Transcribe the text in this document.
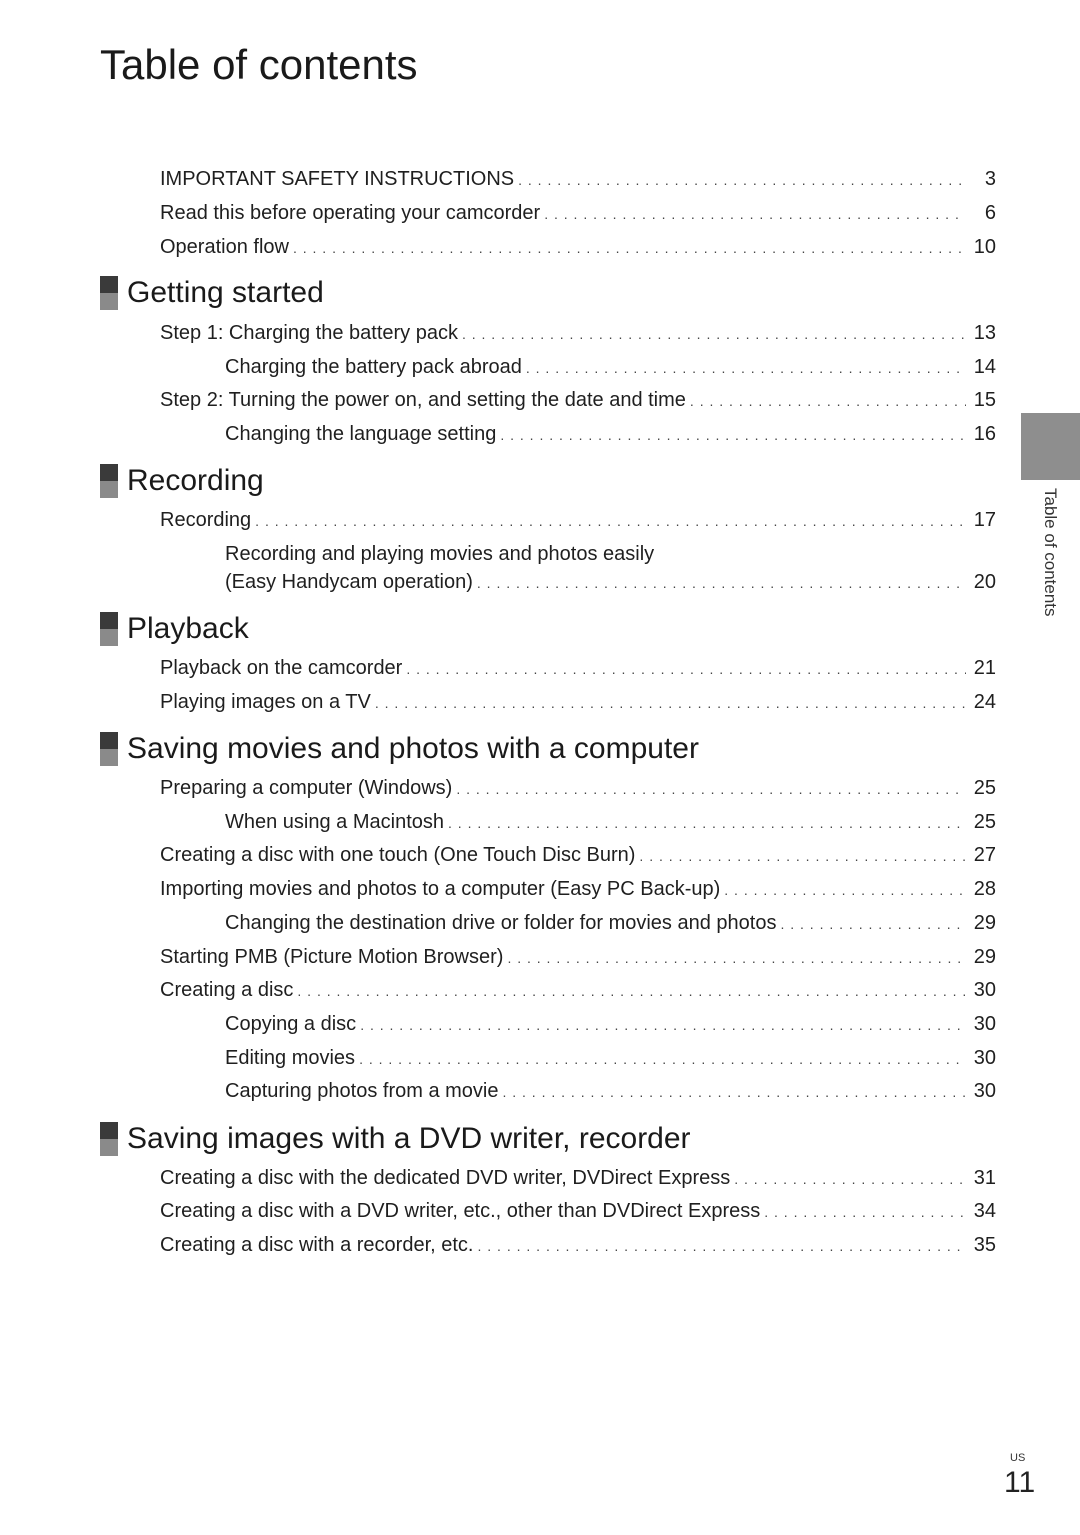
Table of contents
IMPORTANT SAFETY INSTRUCTIONS . . .	3
Read this before operating your camcorder . . .	6
Operation flow . . .	10
Getting started
Step 1: Charging the battery pack . . .	13
Charging the battery pack abroad . . .	14
Step 2: Turning the power on, and setting the date and time . . .	15
Changing the language setting . . .	16
Recording
Recording . . .	17
Recording and playing movies and photos easily
(Easy Handycam operation) . . .	20
Playback
Playback on the camcorder . . .	21
Playing images on a TV . . .	24
Saving movies and photos with a computer
Preparing a computer (Windows) . . .	25
When using a Macintosh . . .	25
Creating a disc with one touch (One Touch Disc Burn) . . .	27
Importing movies and photos to a computer (Easy PC Back-up) . . .	28
Changing the destination drive or folder for movies and photos . . .	29
Starting PMB (Picture Motion Browser) . . .	29
Creating a disc . . .	30
Copying a disc . . .	30
Editing movies . . .	30
Capturing photos from a movie . . .	30
Saving images with a DVD writer, recorder
Creating a disc with the dedicated DVD writer, DVDirect Express . . .	31
Creating a disc with a DVD writer, etc., other than DVDirect Express . . .	34
Creating a disc with a recorder, etc. . . .	35
Table of contents
US
11
